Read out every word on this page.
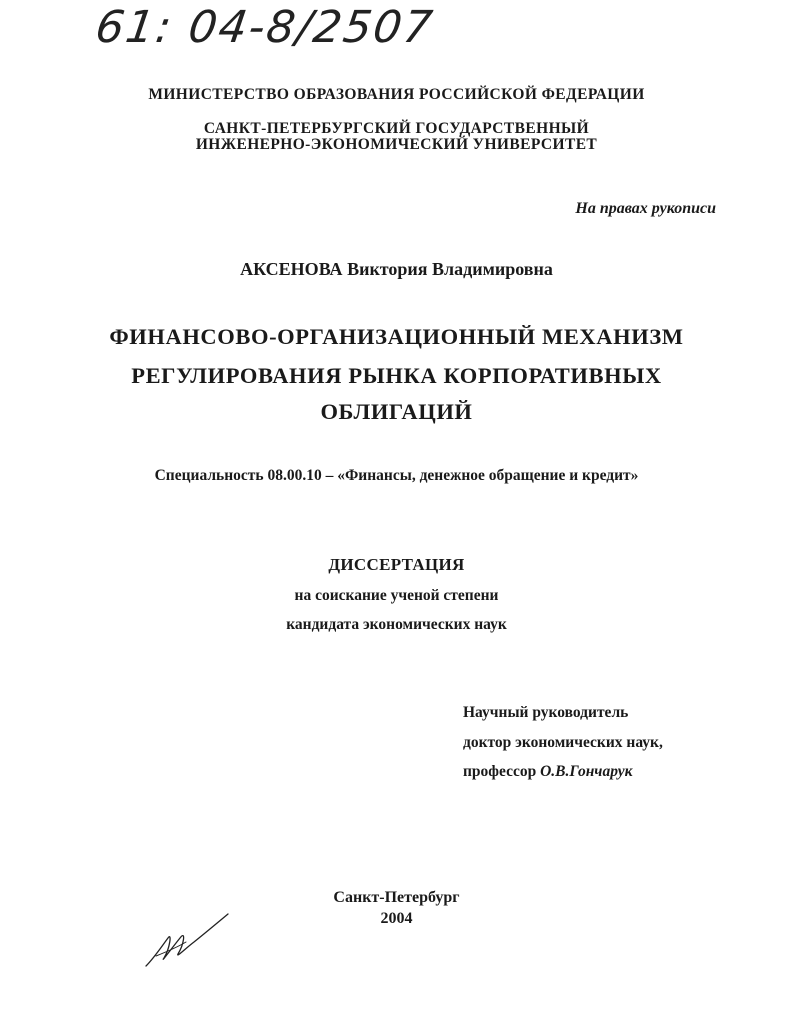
61: 04-8/2507
МИНИСТЕРСТВО ОБРАЗОВАНИЯ РОССИЙСКОЙ ФЕДЕРАЦИИ
САНКТ-ПЕТЕРБУРГСКИЙ ГОСУДАРСТВЕННЫЙ
ИНЖЕНЕРНО-ЭКОНОМИЧЕСКИЙ УНИВЕРСИТЕТ
На правах рукописи
АКСЕНОВА Виктория Владимировна
ФИНАНСОВО-ОРГАНИЗАЦИОННЫЙ МЕХАНИЗМ
РЕГУЛИРОВАНИЯ РЫНКА КОРПОРАТИВНЫХ
ОБЛИГАЦИЙ
Специальность 08.00.10 – «Финансы, денежное обращение и кредит»
ДИССЕРТАЦИЯ
на соискание ученой степени
кандидата экономических наук
Научный руководитель
доктор экономических наук,
профессор О.В.Гончарук
Санкт-Петербург
2004
